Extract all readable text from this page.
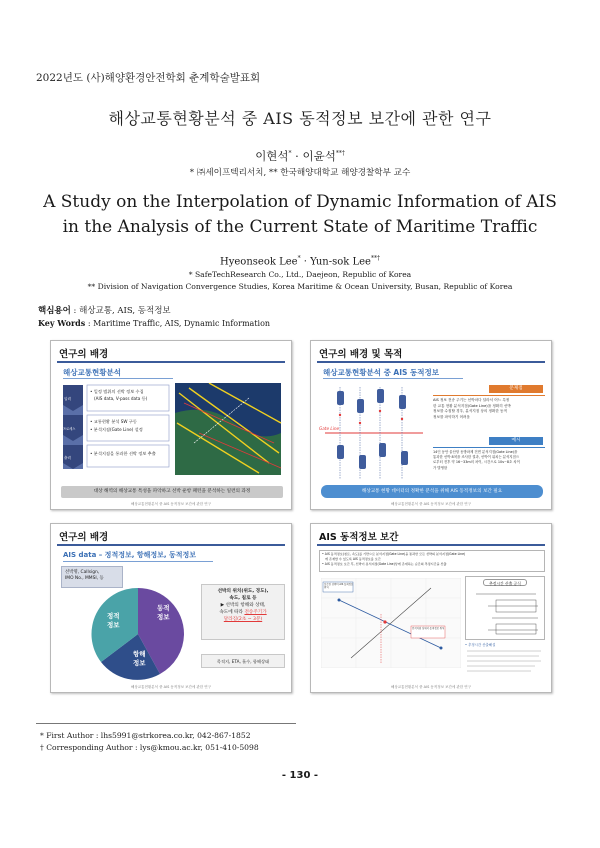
2022년도 (사)해양환경안전학회 춘계학술발표회
해상교통현황분석 중 AIS 동적정보 보간에 관한 연구
이현석* · 이윤석**†
* ㈜세이프텍리서치, ** 한국해양대학교 해양경찰학부 교수
A Study on the Interpolation of Dynamic Information of AIS
in the Analysis of the Current State of Maritime Traffic
Hyeonseok Lee* · Yun-sok Lee**†
* SafeTechResearch Co., Ltd., Daejeon, Republic of Korea
** Division of Navigation Convergence Studies, Korea Maritime & Ocean University, Busan, Republic of Korea
핵심용어 : 해상교통, AIS, 동적정보
Key Words : Maritime Traffic, AIS, Dynamic Information
연구의 배경
해상교통현황분석
입력
프로세스
출력
• 일정 범위의 선박 정보 수집
(AIS data, V-pass data 등)
• 교통현황 분석 SW 구동
• 분석지점(Gate Line) 설정
• 분석지점을 통과한 선박 정보 추출
대상 해역의 해상교통 특성을 파악하고 선박 운항 패턴을 분석하는 일련의 과정
해상교통현황분석 중 AIS 동적정보 보간에 관한 연구
연구의 배경 및 목적
해상교통현황분석 중 AIS 동적정보
Gate Line
문제점
AIS 정보 전송 주기는 선박마다 달라서 어느 특정
한 교통 현황 분석지점(Gate Line)을 정확히 선박
정보를 수집할 경우, 분석지점 상의 정확한 동적
정보를 파악하기 어려움
예시
14인 동안 울산항 동방파제 전면 분석지점(Gate Line)을
통과한 선박 8척을 조사한 결과, 선박이 위치는 분석지점으
로부터 전후 약 16~33m의 차이, 시간으로 10s~8초 차이
가 발생함
해상교통 현황 데이터의 정확한 분석을 위해 AIS 동적정보의 보간 필요
해상교통현황분석 중 AIS 동적정보 보간에 관한 연구
연구의 배경
AIS data – 정적정보, 항해정보, 동적정보
선박명, Callsign,
IMO No., MMSI, 등
정적
정보
동적
정보
항해
정보
선박의 위치(위도, 경도),
속도, 침로 등
▶ 선박의 항해와 상태,
속도에 따라 전송주기가
달라짐(2초 ~ 3분)
목적지, ETA, 흘수, 항해상태
해상교통현황분석 중 AIS 동적정보 보간에 관한 연구
AIS 동적정보 보간
• AIS 동적정보(침로, 속도)를 기반으로 분석지점(Gate Line)을 통과한 모든 선박의 분석지점(Gate Line)
에 존재할 수 있도록 AIS 동적정보를 보간
• AIS 동적정보 보간 후, 선박이 분석지점(Gate Line)상에 존재하는 순간의 추정시간을 산출
보간된 선박의 AIS 동적정보 위치
분석지점 상에서 동적정보 위치
추정시간 산출 공식
• 추정시간 산출해설
해상교통현황분석 중 AIS 동적정보 보간에 관한 연구
* First Author : lhs5991@strkorea.co.kr, 042-867-1852
† Corresponding Author : lys@kmou.ac.kr, 051-410-5098
- 130 -
